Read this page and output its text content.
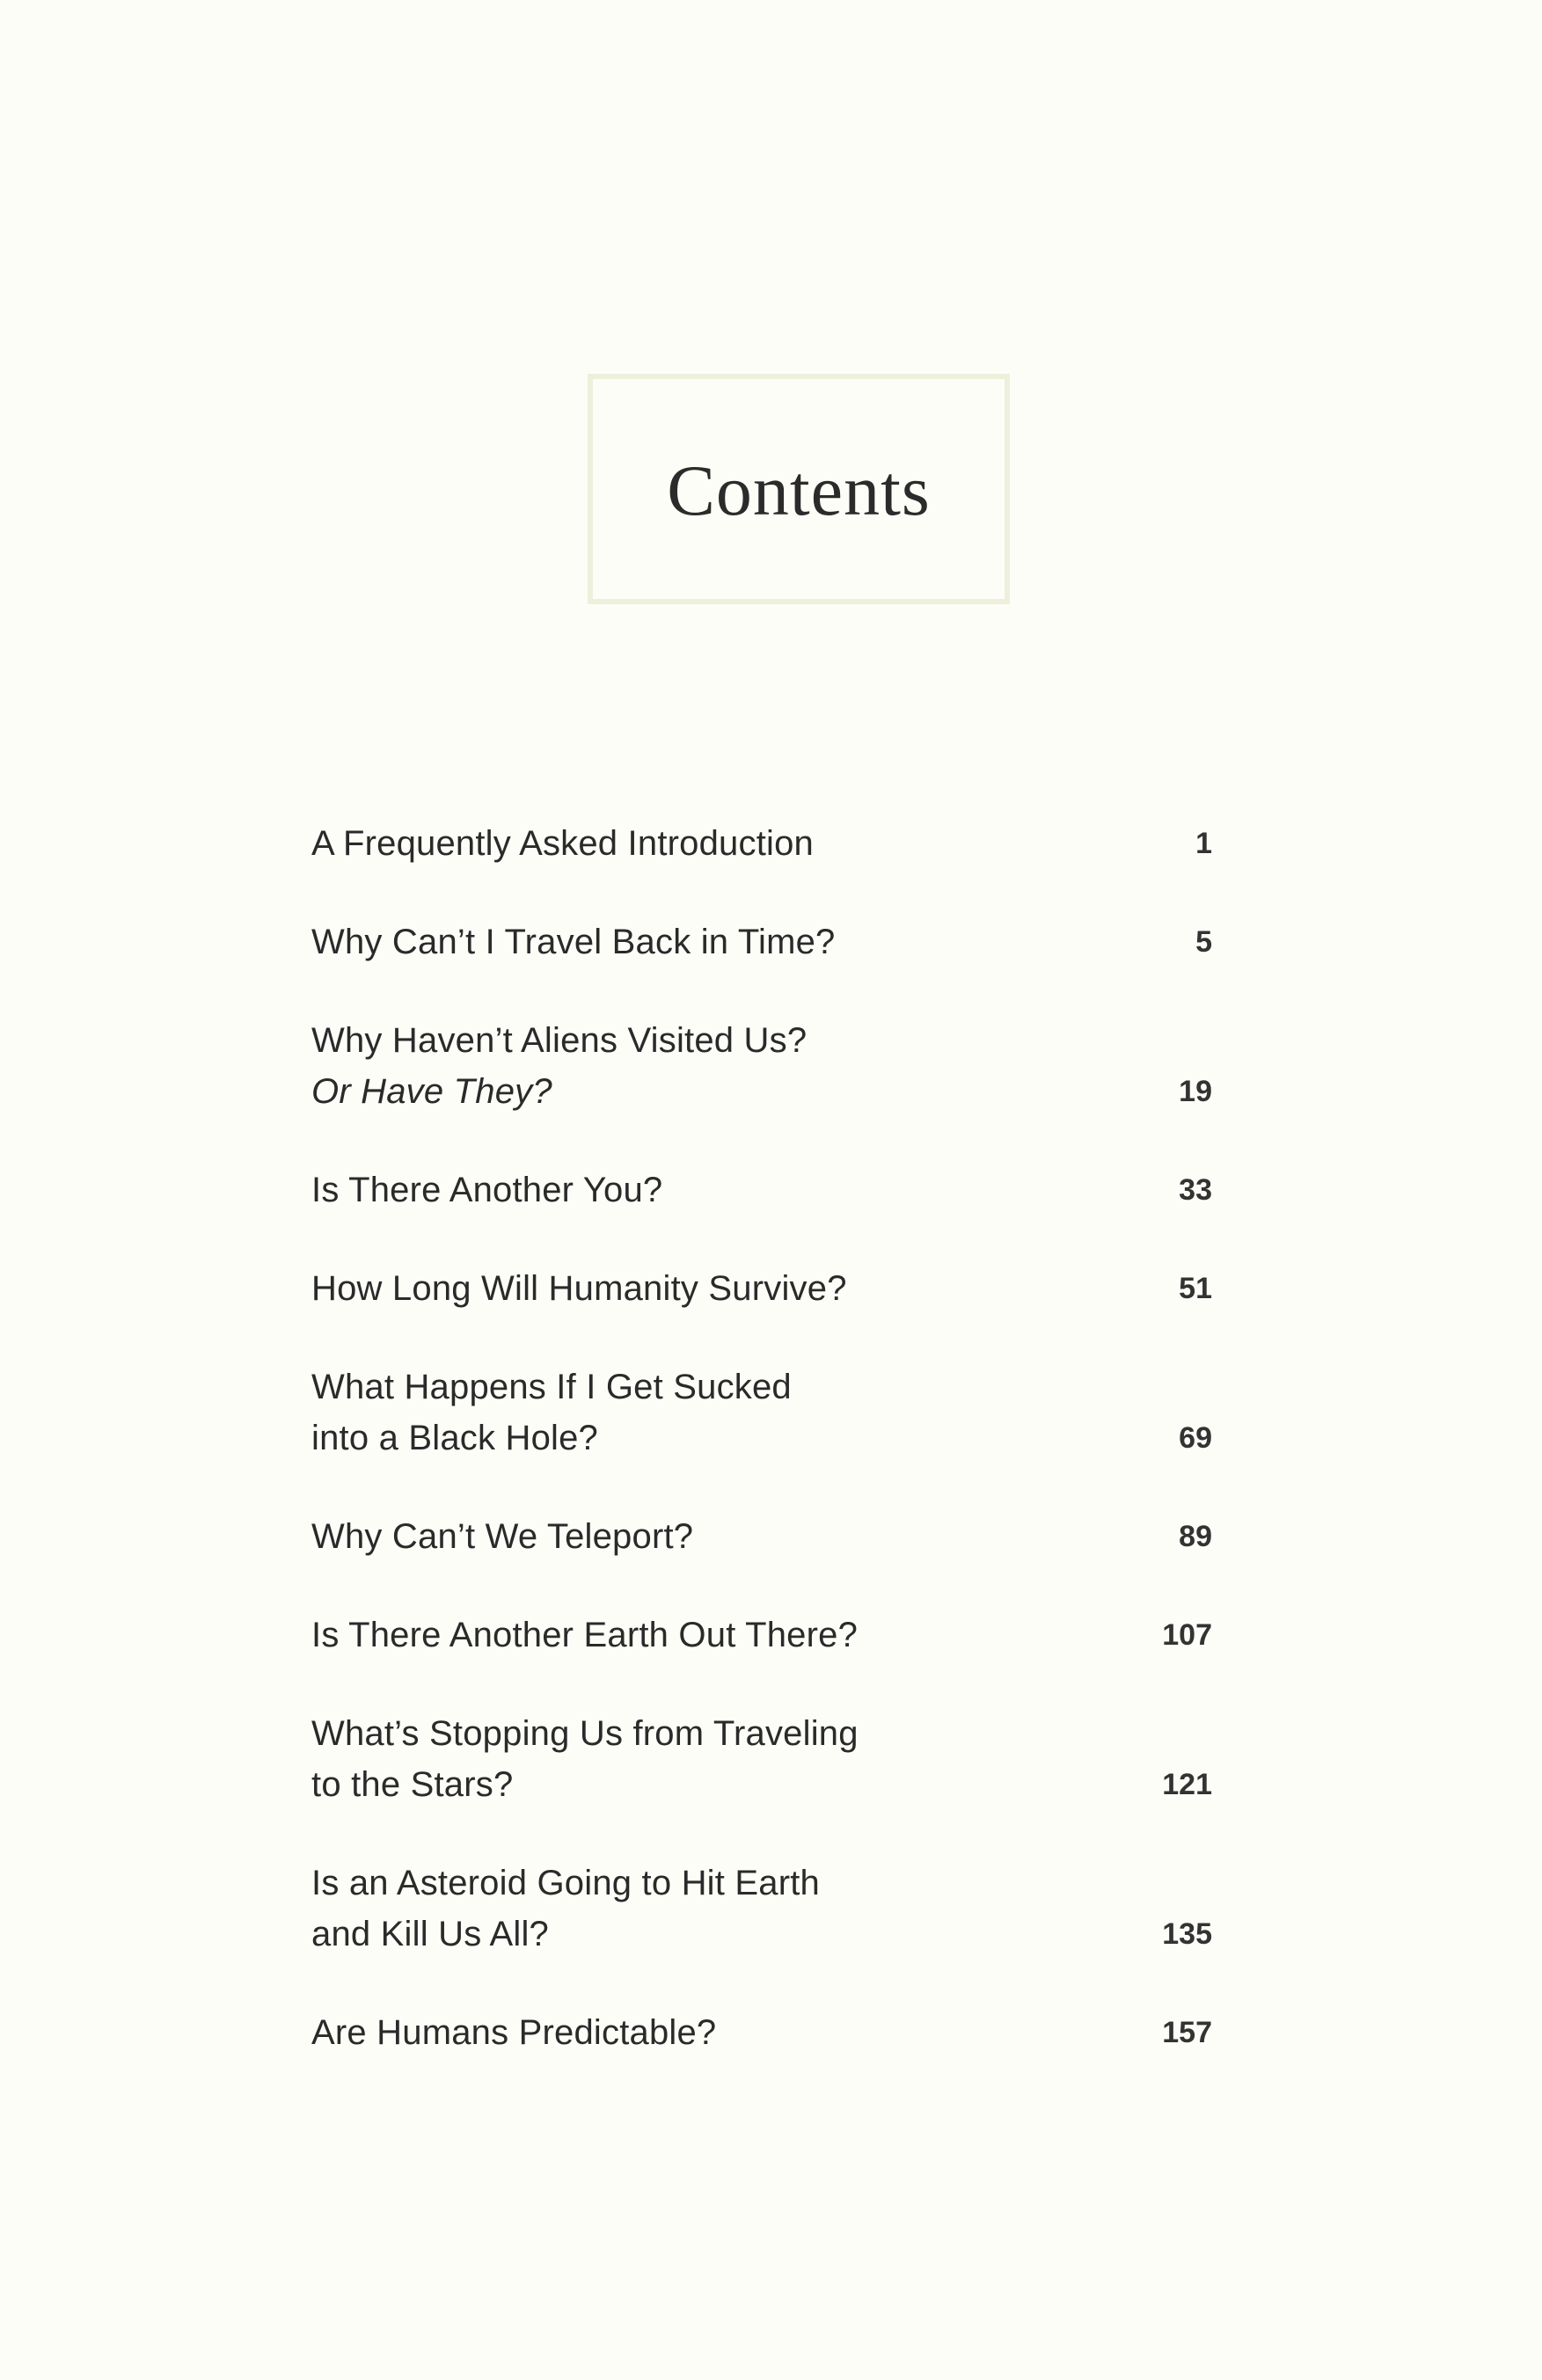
Contents
A Frequently Asked Introduction	1
Why Can’t I Travel Back in Time?	5
Why Haven’t Aliens Visited Us?
Or Have They?	19
Is There Another You?	33
How Long Will Humanity Survive?	51
What Happens If I Get Sucked
into a Black Hole?	69
Why Can’t We Teleport?	89
Is There Another Earth Out There?	107
What’s Stopping Us from Traveling
to the Stars?	121
Is an Asteroid Going to Hit Earth
and Kill Us All?	135
Are Humans Predictable?	157
